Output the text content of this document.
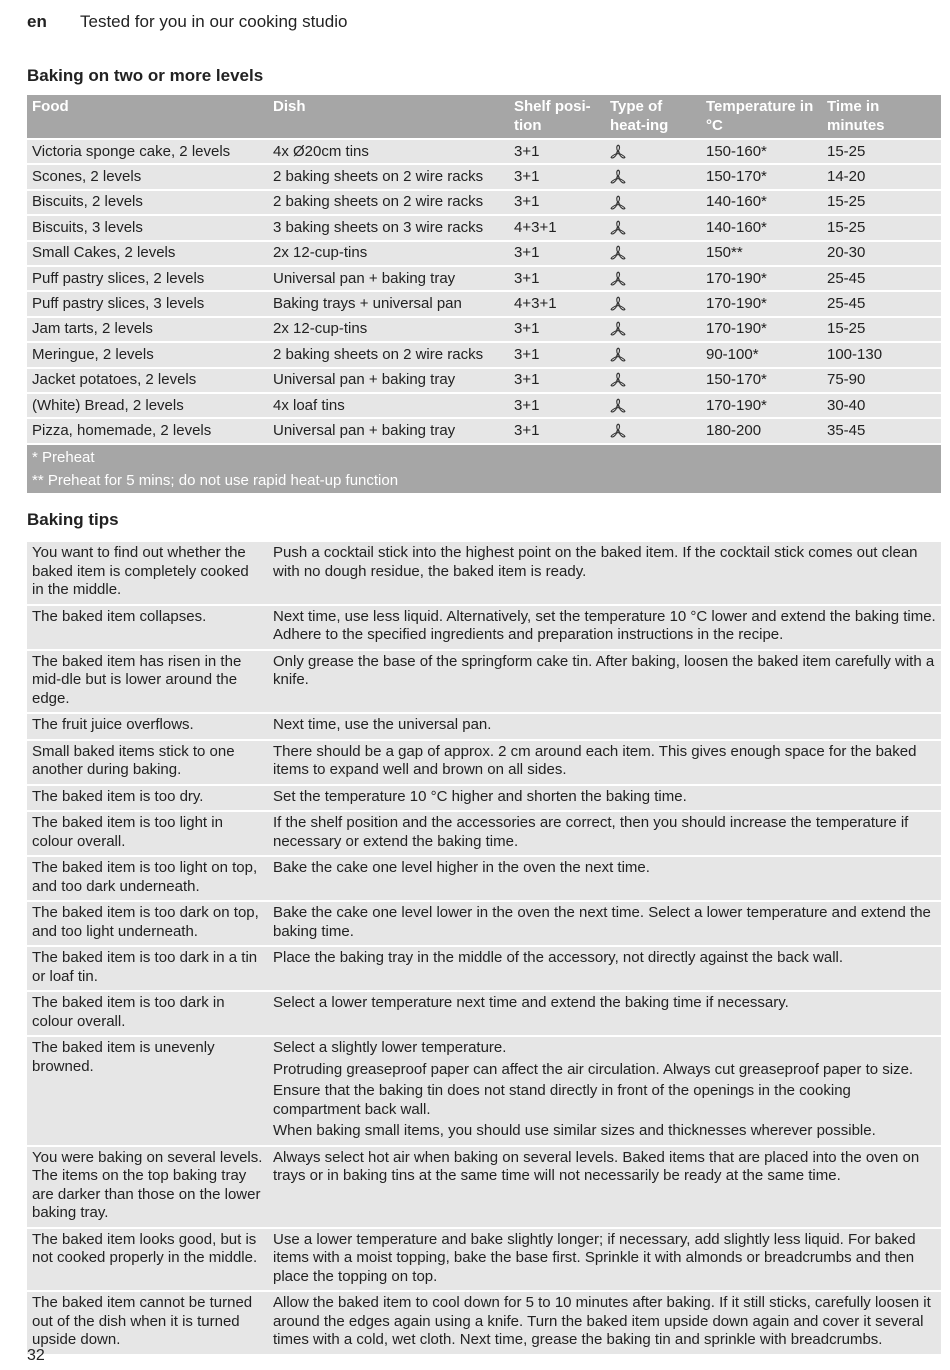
en Tested for you in our cooking studio
Baking on two or more levels
Food	Dish	Shelf posi-tion	Type of heat-ing	Temperature in °C	Time in minutes
Victoria sponge cake, 2 levels	4x Ø20cm tins	3+1		150-160*	15-25
Scones, 2 levels	2 baking sheets on 2 wire racks	3+1		150-170*	14-20
Biscuits, 2 levels	2 baking sheets on 2 wire racks	3+1		140-160*	15-25
Biscuits, 3 levels	3 baking sheets on 3 wire racks	4+3+1		140-160*	15-25
Small Cakes, 2 levels	2x 12-cup-tins	3+1		150**	20-30
Puff pastry slices, 2 levels	Universal pan + baking tray	3+1		170-190*	25-45
Puff pastry slices, 3 levels	Baking trays + universal pan	4+3+1		170-190*	25-45
Jam tarts, 2 levels	2x 12-cup-tins	3+1		170-190*	15-25
Meringue, 2 levels	2 baking sheets on 2 wire racks	3+1		90-100*	100-130
Jacket potatoes, 2 levels	Universal pan + baking tray	3+1		150-170*	75-90
(White) Bread, 2 levels	4x loaf tins	3+1		170-190*	30-40
Pizza, homemade, 2 levels	Universal pan + baking tray	3+1		180-200	35-45

* Preheat
** Preheat for 5 mins; do not use rapid heat-up function					
Baking tips
You want to find out whether the baked item is completely cooked in the middle.	Push a cocktail stick into the highest point on the baked item. If the cocktail stick comes out clean with no dough residue, the baked item is ready.

The baked item collapses.	Next time, use less liquid. Alternatively, set the temperature 10 °C lower and extend the baking time. Adhere to the specified ingredients and preparation instructions in the recipe.

The baked item has risen in the mid-dle but is lower around the edge.	Only grease the base of the springform cake tin. After baking, loosen the baked item carefully with a knife.

The fruit juice overflows.	Next time, use the universal pan.

Small baked items stick to one another during baking.	There should be a gap of approx. 2 cm around each item. This gives enough space for the baked items to expand well and brown on all sides.

The baked item is too dry.	Set the temperature 10 °C higher and shorten the baking time.

The baked item is too light in colour overall.	If the shelf position and the accessories are correct, then you should increase the temperature if necessary or extend the baking time.

The baked item is too light on top, and too dark underneath.	Bake the cake one level higher in the oven the next time.

The baked item is too dark on top, and too light underneath.	Bake the cake one level lower in the oven the next time. Select a lower temperature and extend the baking time.

The baked item is too dark in a tin or loaf tin.	Place the baking tray in the middle of the accessory, not directly against the back wall.

The baked item is too dark in colour overall.	Select a lower temperature next time and extend the baking time if necessary.

The baked item is unevenly browned.	Select a slightly lower temperature.

Protruding greaseproof paper can affect the air circulation. Always cut greaseproof paper to size.

Ensure that the baking tin does not stand directly in front of the openings in the cooking compartment back wall.

When baking small items, you should use similar sizes and thicknesses wherever possible.

You were baking on several levels. The items on the top baking tray are darker than those on the lower baking tray.	Always select hot air when baking on several levels. Baked items that are placed into the oven on trays or in baking tins at the same time will not necessarily be ready at the same time.

The baked item looks good, but is not cooked properly in the middle.	Use a lower temperature and bake slightly longer; if necessary, add slightly less liquid. For baked items with a moist topping, bake the base first. Sprinkle it with almonds or breadcrumbs and then place the topping on top.

The baked item cannot be turned out of the dish when it is turned upside down.	Allow the baked item to cool down for 5 to 10 minutes after baking. If it still sticks, carefully loosen it around the edges again using a knife. Turn the baked item upside down again and cover it several times with a cold, wet cloth. Next time, grease the baking tin and sprinkle with breadcrumbs.

32
